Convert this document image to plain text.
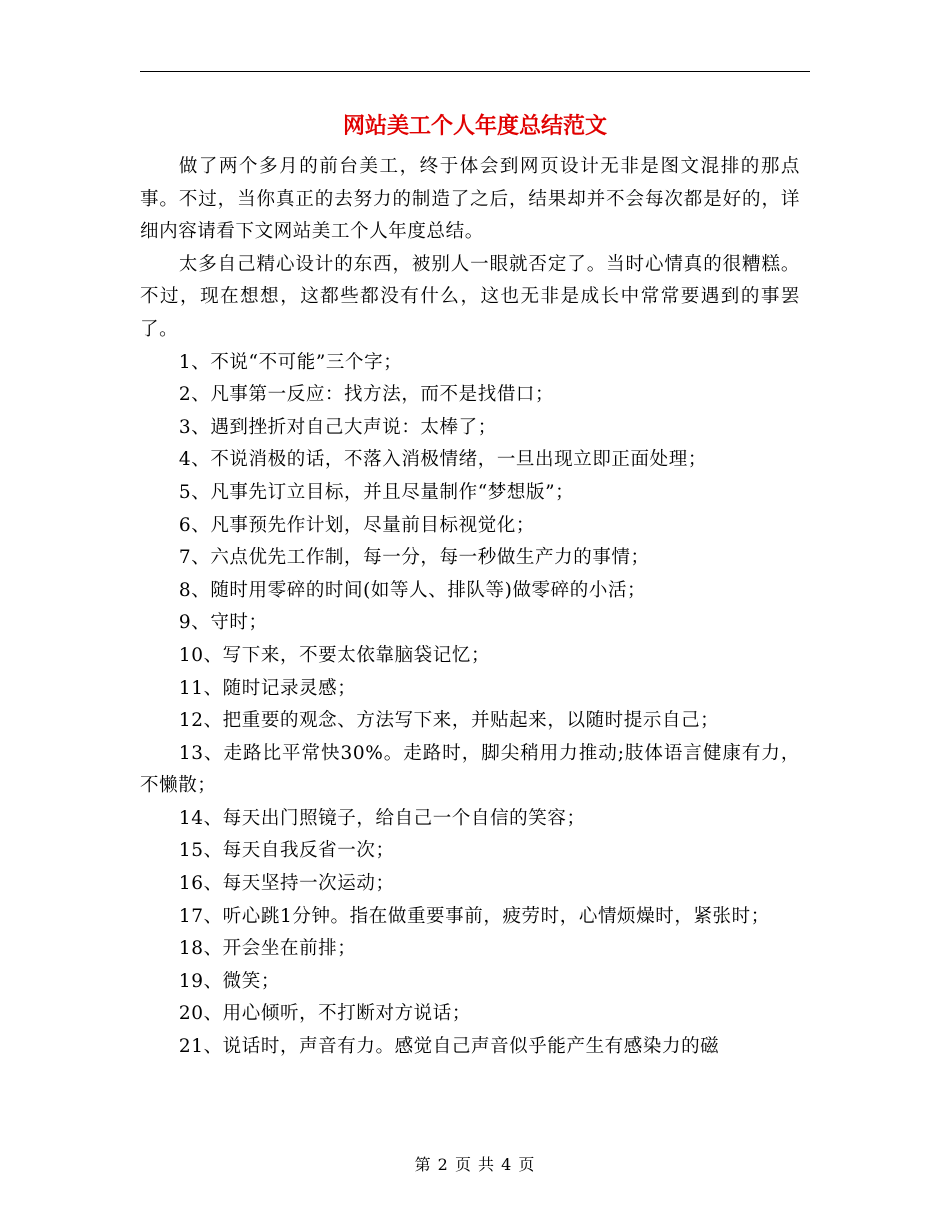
网站美工个人年度总结范文

做了两个多月的前台美工，终于体会到网页设计无非是图文混排的那点事。不过，当你真正的去努力的制造了之后，结果却并不会每次都是好的，详细内容请看下文网站美工个人年度总结。

太多自己精心设计的东西，被别人一眼就否定了。当时心情真的很糟糕。不过，现在想想，这都些都没有什么，这也无非是成长中常常要遇到的事罢了。

1、不说“不可能”三个字；

2、凡事第一反应：找方法，而不是找借口；

3、遇到挫折对自己大声说：太棒了；

4、不说消极的话，不落入消极情绪，一旦出现立即正面处理；

5、凡事先订立目标，并且尽量制作“梦想版”；

6、凡事预先作计划，尽量前目标视觉化；

7、六点优先工作制，每一分，每一秒做生产力的事情；

8、随时用零碎的时间(如等人、排队等)做零碎的小活；

9、守时；

10、写下来，不要太依靠脑袋记忆；

11、随时记录灵感；

12、把重要的观念、方法写下来，并贴起来，以随时提示自己；

13、走路比平常快30%。走路时，脚尖稍用力推动;肢体语言健康有力，不懒散；

14、每天出门照镜子，给自己一个自信的笑容；

15、每天自我反省一次；

16、每天坚持一次运动；

17、听心跳1分钟。指在做重要事前，疲劳时，心情烦燥时，紧张时；

18、开会坐在前排；

19、微笑；

20、用心倾听，不打断对方说话；

21、说话时，声音有力。感觉自己声音似乎能产生有感染力的磁

第 2 页 共 4 页
